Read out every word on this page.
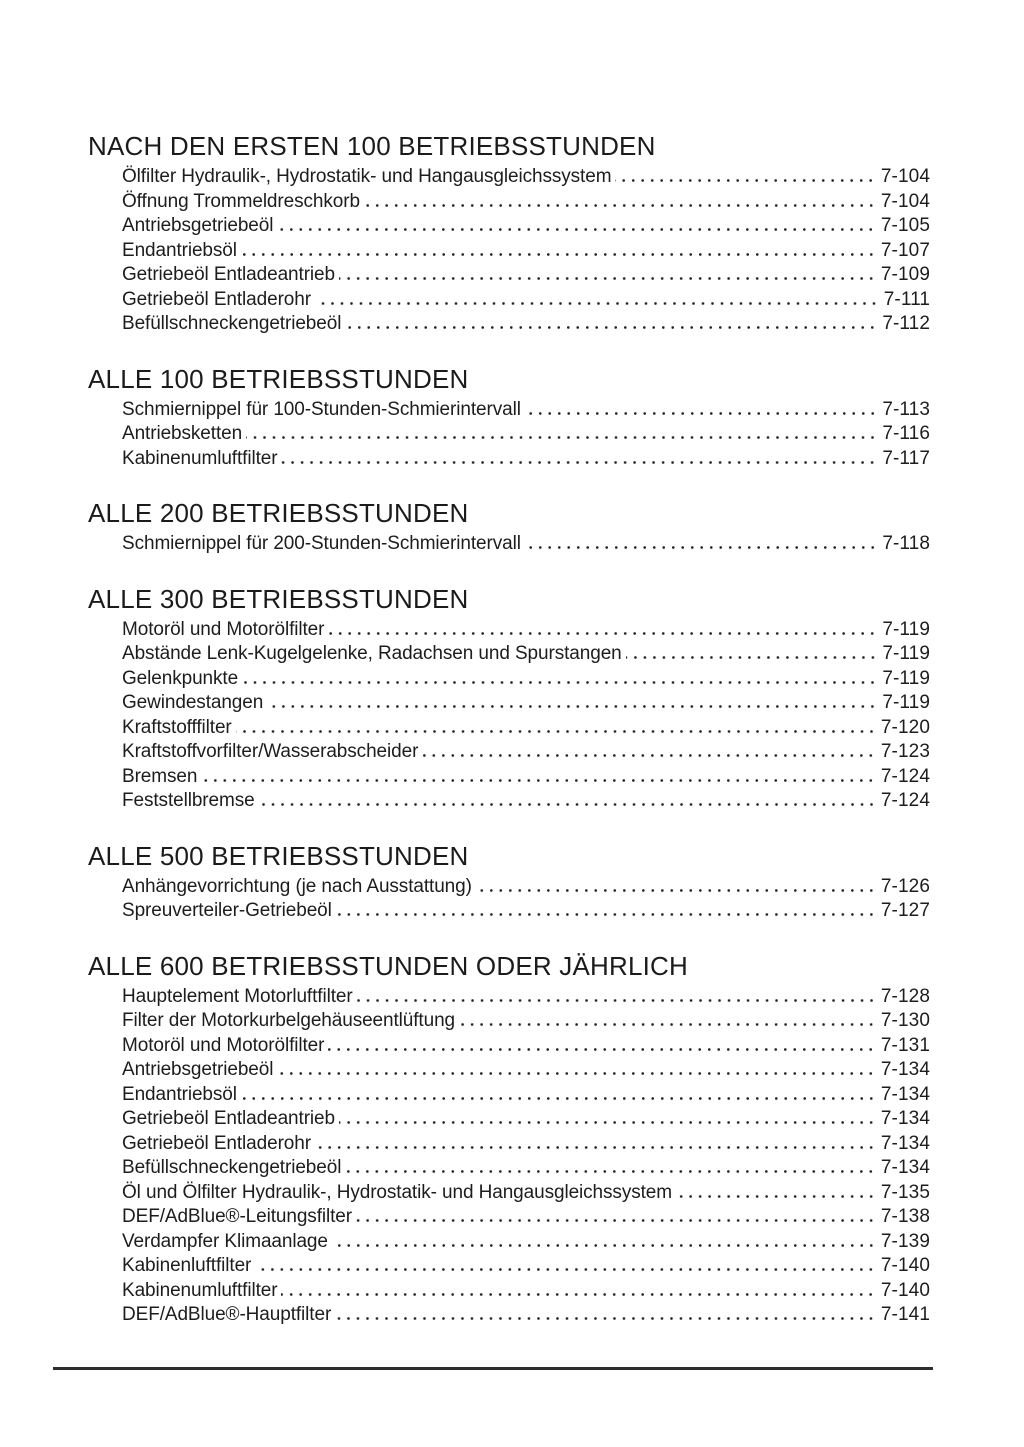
NACH DEN ERSTEN 100 BETRIEBSSTUNDEN
Ölfilter Hydraulik-, Hydrostatik- und Hangausgleichssystem	7-104
Öffnung Trommeldreschkorb	7-104
Antriebsgetriebeöl	7-105
Endantriebsöl	7-107
Getriebeöl Entladeantrieb	7-109
Getriebeöl Entladerohr	7-111
Befüllschneckengetriebeöl	7-112
ALLE 100 BETRIEBSSTUNDEN
Schmiernippel für 100-Stunden-Schmierintervall	7-113
Antriebsketten	7-116
Kabinenumluftfilter	7-117
ALLE 200 BETRIEBSSTUNDEN
Schmiernippel für 200-Stunden-Schmierintervall	7-118
ALLE 300 BETRIEBSSTUNDEN
Motoröl und Motorölfilter	7-119
Abstände Lenk-Kugelgelenke, Radachsen und Spurstangen	7-119
Gelenkpunkte	7-119
Gewindestangen	7-119
Kraftstofffilter	7-120
Kraftstoffvorfilter/Wasserabscheider	7-123
Bremsen	7-124
Feststellbremse	7-124
ALLE 500 BETRIEBSSTUNDEN
Anhängevorrichtung (je nach Ausstattung)	7-126
Spreuverteiler-Getriebeöl	7-127
ALLE 600 BETRIEBSSTUNDEN ODER JÄHRLICH
Hauptelement Motorluftfilter	7-128
Filter der Motorkurbelgehäuseentlüftung	7-130
Motoröl und Motorölfilter	7-131
Antriebsgetriebeöl	7-134
Endantriebsöl	7-134
Getriebeöl Entladeantrieb	7-134
Getriebeöl Entladerohr	7-134
Befüllschneckengetriebeöl	7-134
Öl und Ölfilter Hydraulik-, Hydrostatik- und Hangausgleichssystem	7-135
DEF/AdBlue®-Leitungsfilter	7-138
Verdampfer Klimaanlage	7-139
Kabinenluftfilter	7-140
Kabinenumluftfilter	7-140
DEF/AdBlue®-Hauptfilter	7-141
